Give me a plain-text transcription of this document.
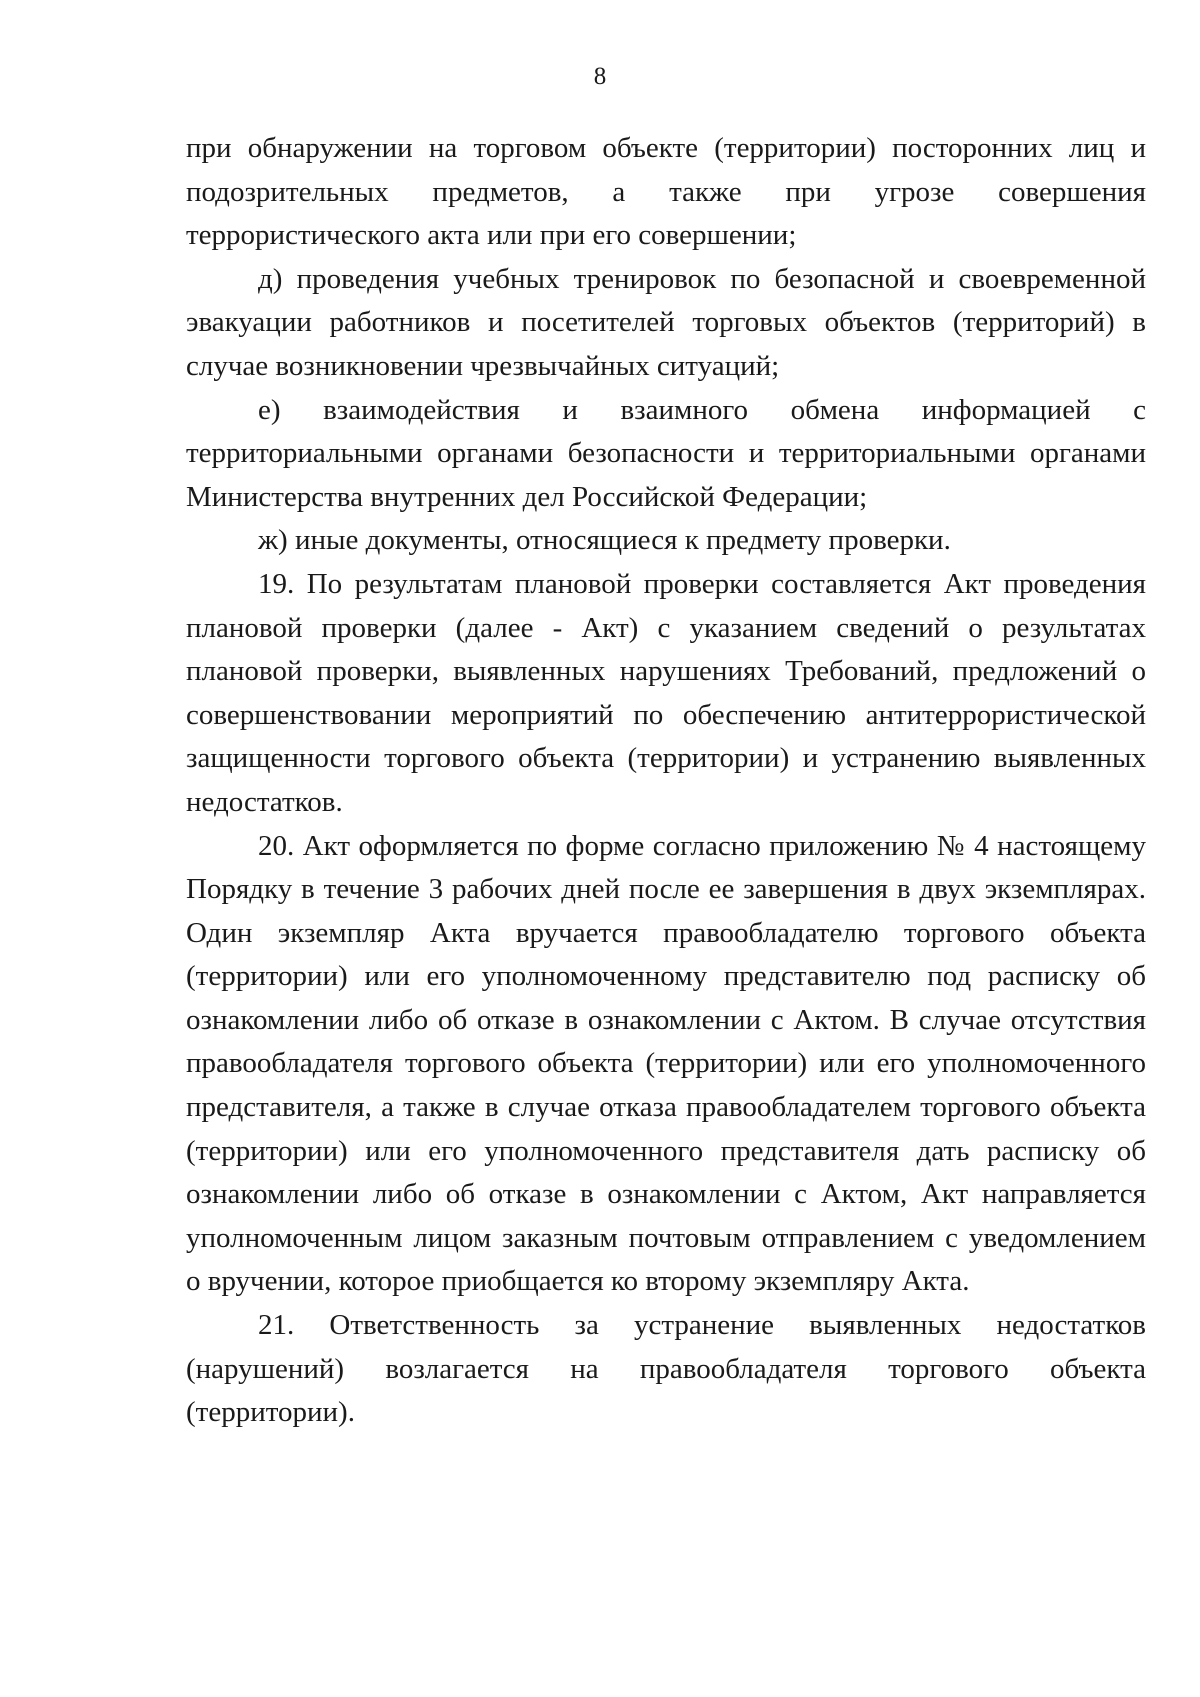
8

при обнаружении на торговом объекте (территории) посторонних лиц и подозрительных предметов, а также при угрозе совершения террористического акта или при его совершении;

д) проведения учебных тренировок по безопасной и своевременной эвакуации работников и посетителей торговых объектов (территорий) в случае возникновении чрезвычайных ситуаций;

е) взаимодействия и взаимного обмена информацией с территориальными органами безопасности и территориальными органами Министерства внутренних дел Российской Федерации;

ж) иные документы, относящиеся к предмету проверки.

19. По результатам плановой проверки составляется Акт проведения плановой проверки (далее - Акт) с указанием сведений о результатах плановой проверки, выявленных нарушениях Требований, предложений о совершенствовании мероприятий по обеспечению антитеррористической защищенности торгового объекта (территории) и устранению выявленных недостатков.

20. Акт оформляется по форме согласно приложению № 4 настоящему Порядку в течение 3 рабочих дней после ее завершения в двух экземплярах. Один экземпляр Акта вручается правообладателю торгового объекта (территории) или его уполномоченному представителю под расписку об ознакомлении либо об отказе в ознакомлении с Актом. В случае отсутствия правообладателя торгового объекта (территории) или его уполномоченного представителя, а также в случае отказа правообладателем торгового объекта (территории) или его уполномоченного представителя дать расписку об ознакомлении либо об отказе в ознакомлении с Актом, Акт направляется уполномоченным лицом заказным почтовым отправлением с уведомлением о вручении, которое приобщается ко второму экземпляру Акта.

21. Ответственность за устранение выявленных недостатков (нарушений) возлагается на правообладателя торгового объекта (территории).
